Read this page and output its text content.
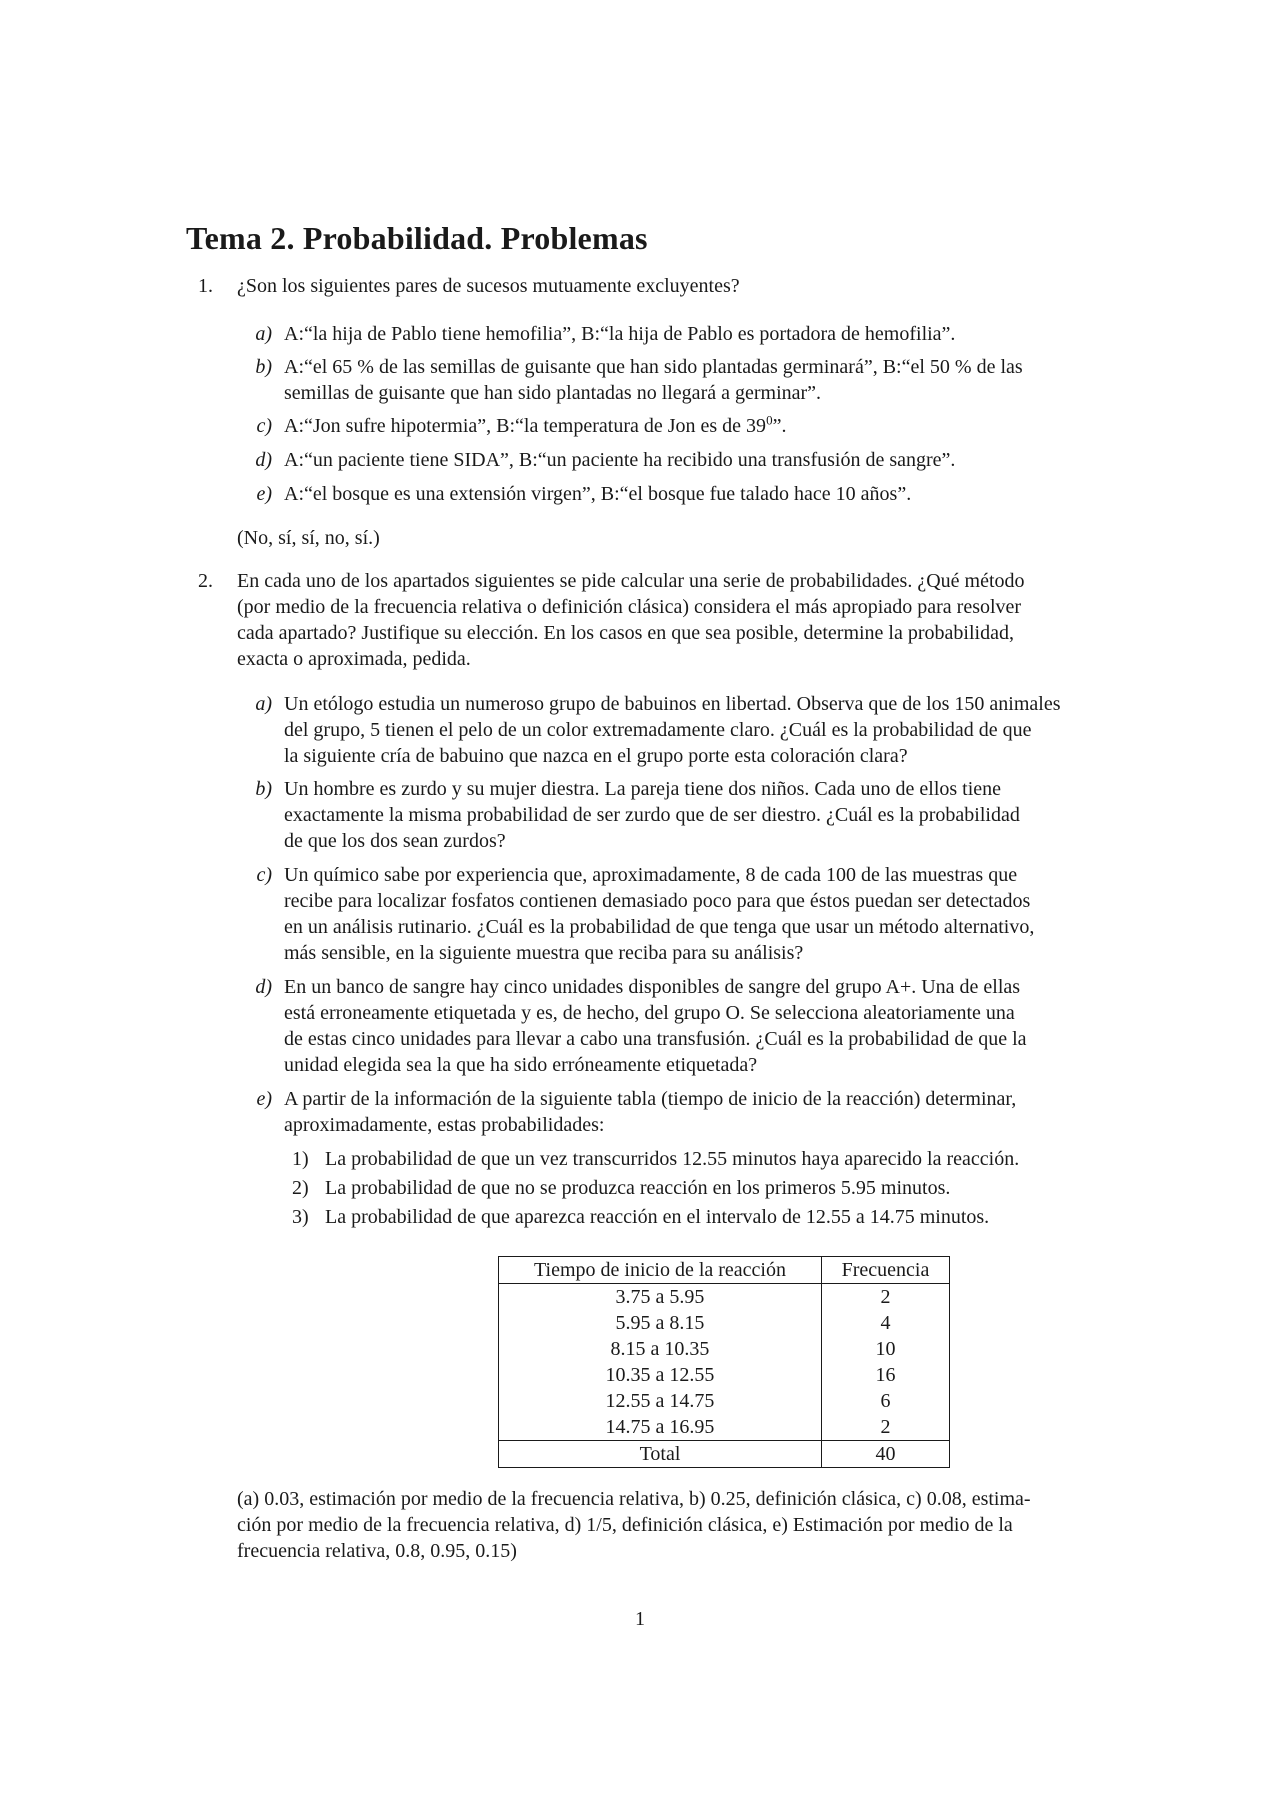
Tema 2. Probabilidad. Problemas
1. ¿Son los siguientes pares de sucesos mutuamente excluyentes?
a) A:“la hija de Pablo tiene hemofilia”, B:“la hija de Pablo es portadora de hemofilia”.
b) A:“el 65 % de las semillas de guisante que han sido plantadas germinará”, B:“el 50 % de las
semillas de guisante que han sido plantadas no llegará a germinar”.
c) A:“Jon sufre hipotermia”, B:“la temperatura de Jon es de $39^0$”.
d) A:“un paciente tiene SIDA”, B:“un paciente ha recibido una transfusión de sangre”.
e) A:“el bosque es una extensión virgen”, B:“el bosque fue talado hace 10 años”.
(No, sí, sí, no, sí.)
2. En cada uno de los apartados siguientes se pide calcular una serie de probabilidades. ¿Qué método
(por medio de la frecuencia relativa o definición clásica) considera el más apropiado para resolver
cada apartado? Justifique su elección. En los casos en que sea posible, determine la probabilidad,
exacta o aproximada, pedida.
a) Un etólogo estudia un numeroso grupo de babuinos en libertad. Observa que de los 150 animales
del grupo, 5 tienen el pelo de un color extremadamente claro. ¿Cuál es la probabilidad de que
la siguiente cría de babuino que nazca en el grupo porte esta coloración clara?
b) Un hombre es zurdo y su mujer diestra. La pareja tiene dos niños. Cada uno de ellos tiene
exactamente la misma probabilidad de ser zurdo que de ser diestro. ¿Cuál es la probabilidad
de que los dos sean zurdos?
c) Un químico sabe por experiencia que, aproximadamente, 8 de cada 100 de las muestras que
recibe para localizar fosfatos contienen demasiado poco para que éstos puedan ser detectados
en un análisis rutinario. ¿Cuál es la probabilidad de que tenga que usar un método alternativo,
más sensible, en la siguiente muestra que reciba para su análisis?
d) En un banco de sangre hay cinco unidades disponibles de sangre del grupo A+. Una de ellas
está erroneamente etiquetada y es, de hecho, del grupo O. Se selecciona aleatoriamente una
de estas cinco unidades para llevar a cabo una transfusión. ¿Cuál es la probabilidad de que la
unidad elegida sea la que ha sido erróneamente etiquetada?
e) A partir de la información de la siguiente tabla (tiempo de inicio de la reacción) determinar,
aproximadamente, estas probabilidades:
1) La probabilidad de que un vez transcurridos 12.55 minutos haya aparecido la reacción.
2) La probabilidad de que no se produzca reacción en los primeros 5.95 minutos.
3) La probabilidad de que aparezca reacción en el intervalo de 12.55 a 14.75 minutos.
Tiempo de inicio de la reacción	Frecuencia
3.75 a 5.95	2
5.95 a 8.15	4
8.15 a 10.35	10
10.35 a 12.55	16
12.55 a 14.75	6
14.75 a 16.95	2
Total	40
(a) 0.03, estimación por medio de la frecuencia relativa, b) 0.25, definición clásica, c) 0.08, estima-
ción por medio de la frecuencia relativa, d) 1/5, definición clásica, e) Estimación por medio de la
frecuencia relativa, 0.8, 0.95, 0.15)
1
